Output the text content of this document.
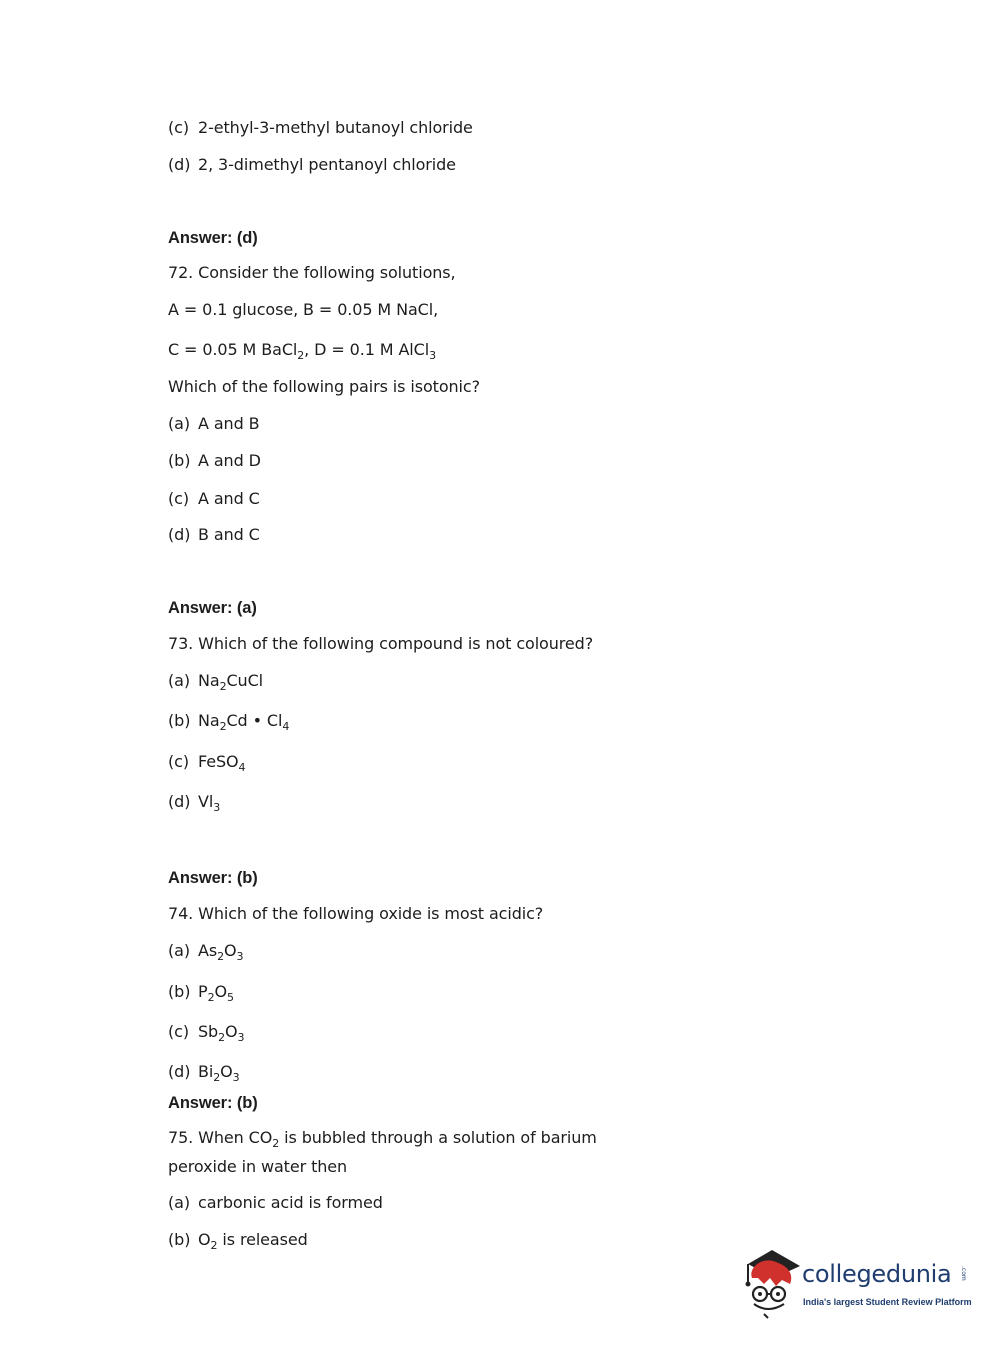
(c) 2-ethyl-3-methyl butanoyl chloride
(d) 2, 3-dimethyl pentanoyl chloride
Answer: (d)
72. Consider the following solutions,
A = 0.1 glucose, B = 0.05 M NaCl,
C = 0.05 M BaCl$_2$, D = 0.1 M AlCl$_3$
Which of the following pairs is isotonic?
(a) A and B
(b) A and D
(c) A and C
(d) B and C
Answer: (a)
73. Which of the following compound is not coloured?
(a) $Na_2CuCl$
(b) $Na_2Cd$ • $Cl_4$
(c) FeSO$_4$
(d) $Vl_3$
Answer: (b)
74. Which of the following oxide is most acidic?
(a) $As_2O_3$
(b) $P_2O_5$
(c) $Sb_2O_3$
(d) $Bi_2O_3$
Answer: (b)
75. When $CO_2$ is bubbled through a solution of barium
peroxide in water then
(a) carbonic acid is formed
(b) $O_2$ is released
collegedunia .com
India's largest Student Review Platform
